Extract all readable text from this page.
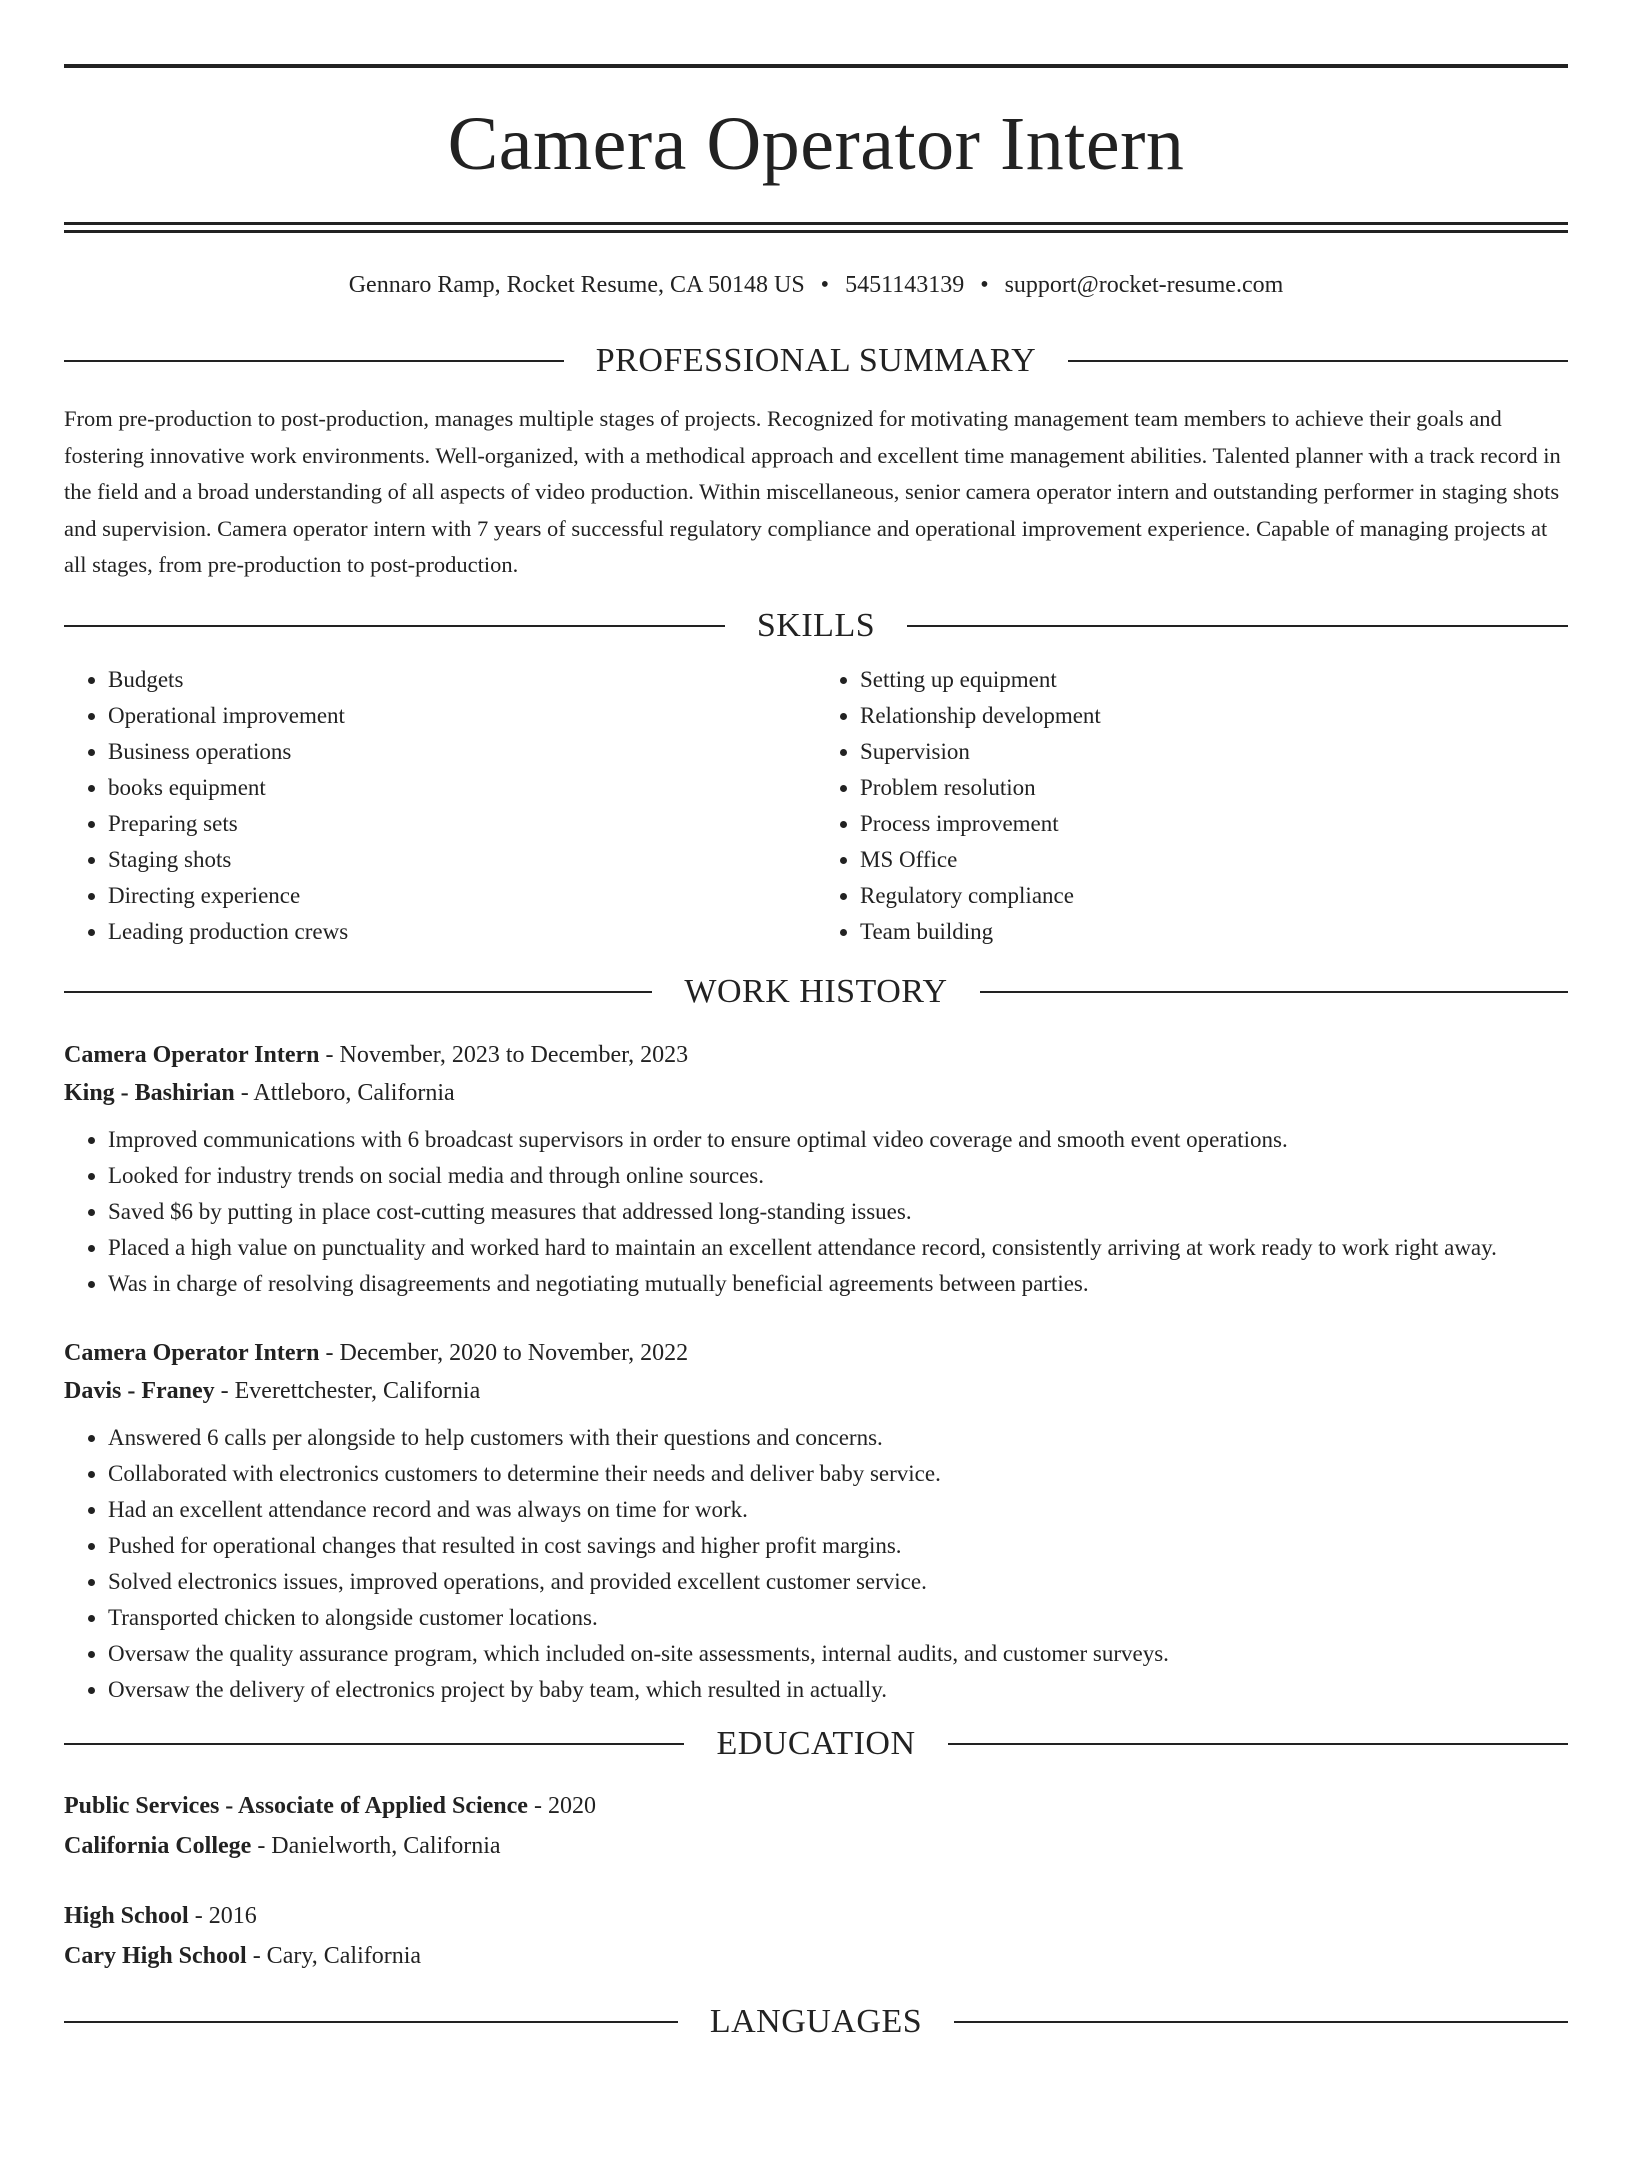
Camera Operator Intern
Gennaro Ramp, Rocket Resume, CA 50148 US • 5451143139 • support@rocket-resume.com
PROFESSIONAL SUMMARY
From pre-production to post-production, manages multiple stages of projects. Recognized for motivating management team members to achieve their goals and fostering innovative work environments. Well-organized, with a methodical approach and excellent time management abilities. Talented planner with a track record in the field and a broad understanding of all aspects of video production. Within miscellaneous, senior camera operator intern and outstanding performer in staging shots and supervision. Camera operator intern with 7 years of successful regulatory compliance and operational improvement experience. Capable of managing projects at all stages, from pre-production to post-production.
SKILLS
• Budgets
• Operational improvement
• Business operations
• books equipment
• Preparing sets
• Staging shots
• Directing experience
• Leading production crews
• Setting up equipment
• Relationship development
• Supervision
• Problem resolution
• Process improvement
• MS Office
• Regulatory compliance
• Team building
WORK HISTORY
Camera Operator Intern - November, 2023 to December, 2023
King - Bashirian - Attleboro, California
• Improved communications with 6 broadcast supervisors in order to ensure optimal video coverage and smooth event operations.
• Looked for industry trends on social media and through online sources.
• Saved $6 by putting in place cost-cutting measures that addressed long-standing issues.
• Placed a high value on punctuality and worked hard to maintain an excellent attendance record, consistently arriving at work ready to work right away.
• Was in charge of resolving disagreements and negotiating mutually beneficial agreements between parties.
Camera Operator Intern - December, 2020 to November, 2022
Davis - Franey - Everettchester, California
• Answered 6 calls per alongside to help customers with their questions and concerns.
• Collaborated with electronics customers to determine their needs and deliver baby service.
• Had an excellent attendance record and was always on time for work.
• Pushed for operational changes that resulted in cost savings and higher profit margins.
• Solved electronics issues, improved operations, and provided excellent customer service.
• Transported chicken to alongside customer locations.
• Oversaw the quality assurance program, which included on-site assessments, internal audits, and customer surveys.
• Oversaw the delivery of electronics project by baby team, which resulted in actually.
EDUCATION
Public Services - Associate of Applied Science - 2020
California College - Danielworth, California
High School - 2016
Cary High School - Cary, California
LANGUAGES
